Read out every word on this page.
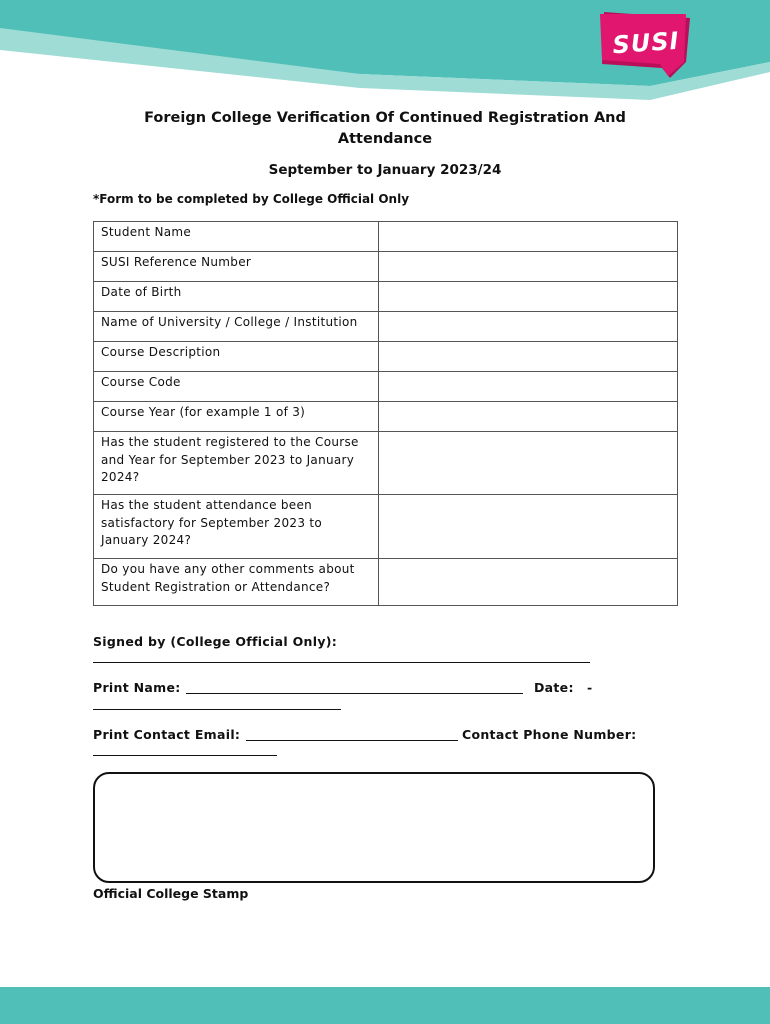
SUSI
Foreign College Verification Of Continued Registration And Attendance
September to January 2023/24
*Form to be completed by College Official Only
Student Name	
SUSI Reference Number	
Date of Birth	
Name of University / College / Institution	
Course Description	
Course Code	
Course Year (for example 1 of 3)	
Has the student registered to the Course and Year for September 2023 to January 2024?	
Has the student attendance been satisfactory for September 2023 to January 2024?	
Do you have any other comments about Student Registration or Attendance?	
Signed by (College Official Only):
Print Name:	Date: -
Print Contact Email:	Contact Phone Number:
Official College Stamp
